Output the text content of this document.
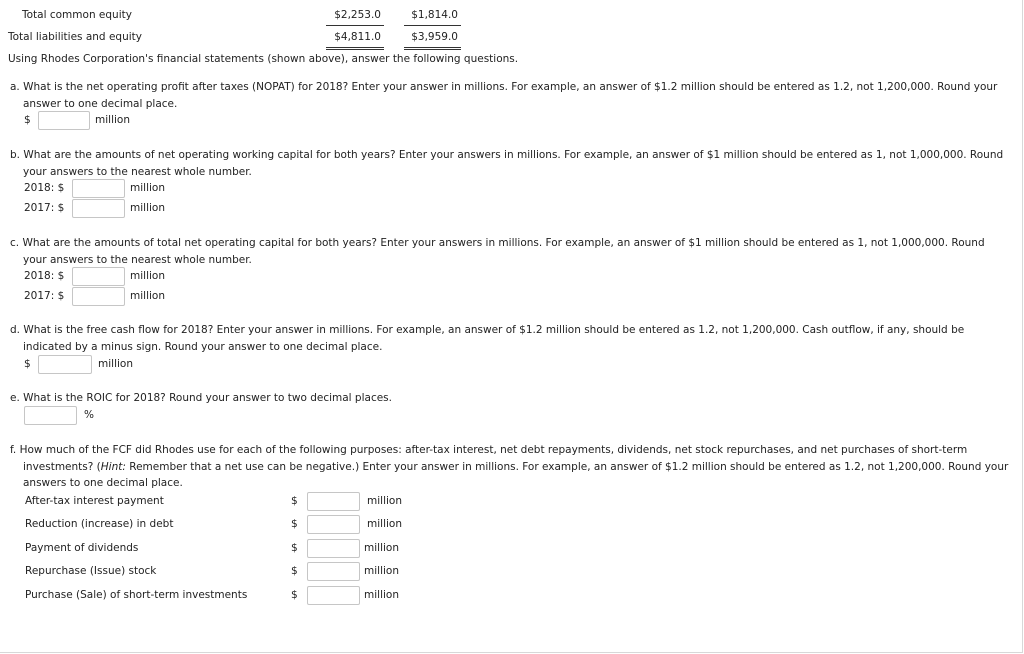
Total common equity	$2,253.0	$1,814.0
Total liabilities and equity	$4,811.0	$3,959.0
Using Rhodes Corporation's financial statements (shown above), answer the following questions.
a. What is the net operating profit after taxes (NOPAT) for 2018? Enter your answer in millions. For example, an answer of $1.2 million should be entered as 1.2, not 1,200,000. Round your answer to one decimal place.
$	million
b. What are the amounts of net operating working capital for both years? Enter your answers in millions. For example, an answer of $1 million should be entered as 1, not 1,000,000. Round your answers to the nearest whole number.
2018: $	million
2017: $	million
c. What are the amounts of total net operating capital for both years? Enter your answers in millions. For example, an answer of $1 million should be entered as 1, not 1,000,000. Round your answers to the nearest whole number.
2018: $	million
2017: $	million
d. What is the free cash flow for 2018? Enter your answer in millions. For example, an answer of $1.2 million should be entered as 1.2, not 1,200,000. Cash outflow, if any, should be indicated by a minus sign. Round your answer to one decimal place.
$	million
e. What is the ROIC for 2018? Round your answer to two decimal places.
%
f. How much of the FCF did Rhodes use for each of the following purposes: after-tax interest, net debt repayments, dividends, net stock repurchases, and net purchases of short-term investments? (Hint: Remember that a net use can be negative.) Enter your answer in millions. For example, an answer of $1.2 million should be entered as 1.2, not 1,200,000. Round your answers to one decimal place.
After-tax interest payment	$	million
Reduction (increase) in debt	$	million
Payment of dividends	$	million
Repurchase (Issue) stock	$	million
Purchase (Sale) of short-term investments	$	million
